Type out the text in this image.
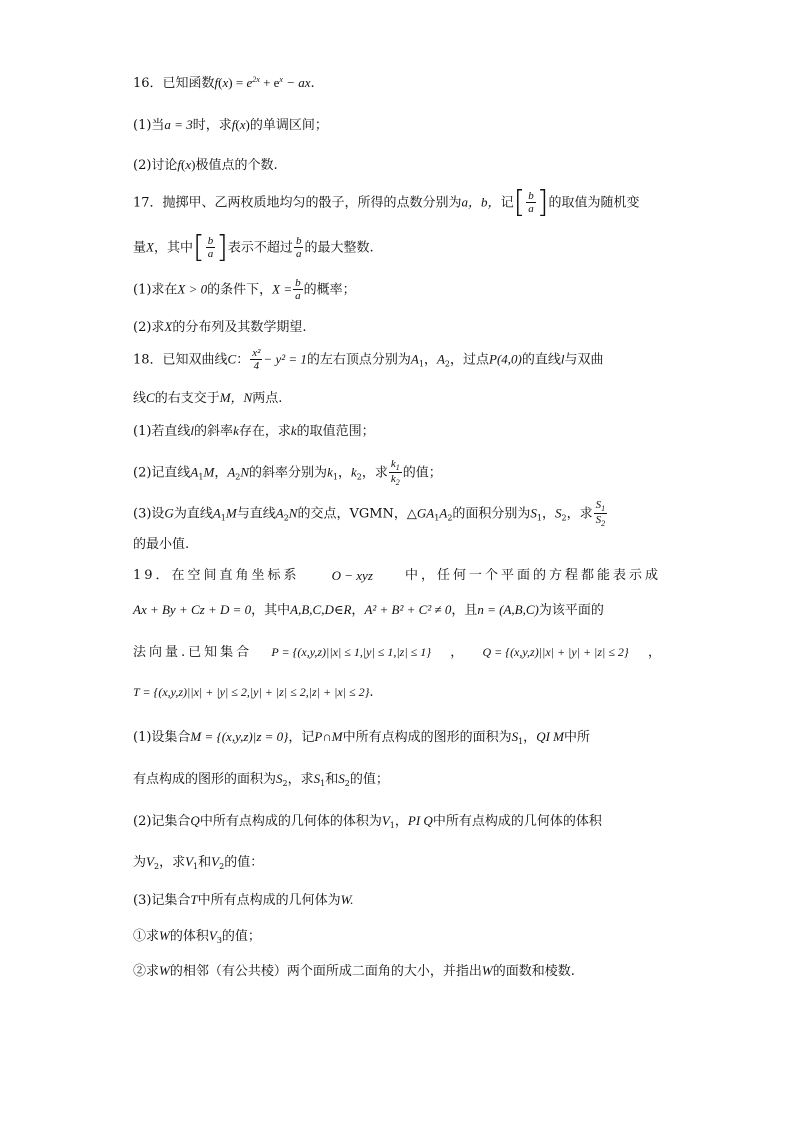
16．已知函数$f(x) = e^{2x} + e^x$ − ax.
(1)当a = 3时，求f(x)的单调区间；
(2)讨论f(x)极值点的个数.
17．抛掷甲、乙两枚质地均匀的骰子，所得的点数分别为a，b，记[ $\frac{b}{a}$ ]的取值为随机变
量X，其中[ $\frac{b}{a}$ ]表示不超过 $\frac{b}{a}$ 的最大整数.
(1)求在X > 0的条件下，$X = \frac{b}{a}$ 的概率；
(2)求X的分布列及其数学期望.
18．已知双曲线C： $\frac{\text{x²}}{4} - y^2 = 1$的左右顶点分别为$A_1$，$A_2$，过点P(4,0)的直线l与双曲
线C的右支交于M，N两点.
(1)若直线l的斜率k存在，求k的取值范围；
(2)记直线$A_1M$，$A_2N$的斜率分别为$k_1$，$k_2$，求 $\frac{k_1}{k_2}$ 的值；
(3)设G为直线$A_1M$与直线$A_2N$的交点，VGMN，$\triangle GA_1A_2$的面积分别为$S_1$，$S_2$，求 $\frac{S_1}{S_2}$
的最小值.
19．在空间直角坐标系 O − xyz 中，任何一个平面的方程都能表示成
Ax + By + Cz + D = 0，其中A,B,C,D∈R，A² + B² + C² ≠ 0，且n = (A,B,C)为该平面的
法向量.已知集合 P = {(x,y,z)||x| ≤ 1,|y| ≤ 1,|z| ≤ 1} ， Q = {(x,y,z)||x| + |y| + |z| ≤ 2} ，
T = {(x,y,z)||x| + |y| ≤ 2,|y| + |z| ≤ 2,|z| + |x| ≤ 2}.
(1)设集合M = {(x,y,z)|z = 0}，记P∩M中所有点构成的图形的面积为$S_1$，QI M中所
有点构成的图形的面积为$S_2$，求$S_1$和$S_2$的值；
(2)记集合Q中所有点构成的几何体的体积为$V_1$，PI Q中所有点构成的几何体的体积
为$V_2$，求$V_1$和$V_2$的值：
(3)记集合T中所有点构成的几何体为W.
①求W的体积$V_3$的值；
②求W的相邻（有公共棱）两个面所成二面角的大小，并指出W的面数和棱数.
